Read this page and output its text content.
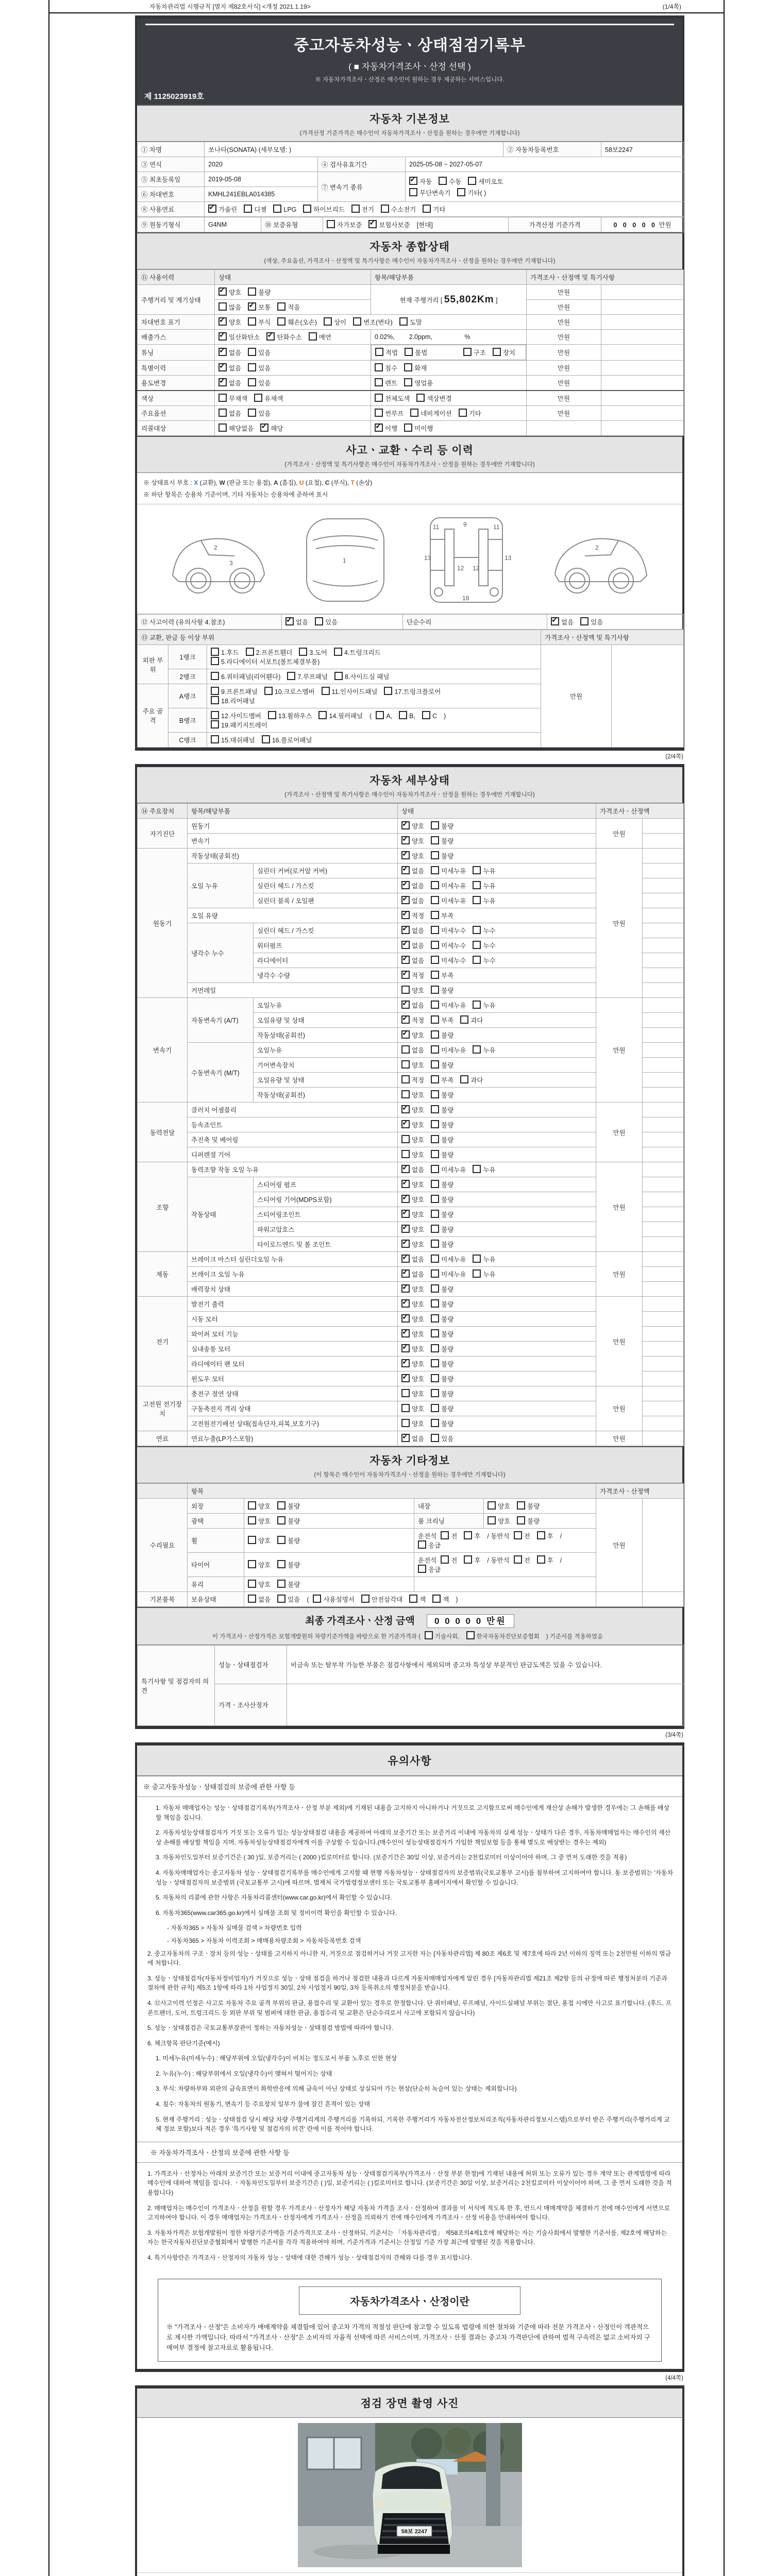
자동차관리법 시행규칙 [별지 제82호서식] <개정 2021.1.19>	(1/4쪽)
중고자동차성능ㆍ상태점검기록부
( ■ 자동차가격조사ㆍ산정 선택 )
※ 자동차가격조사ㆍ산정은 매수인이 원하는 경우 제공하는 서비스입니다.
제 1125023919호
자동차 기본정보
(가격산정 기준가격은 매수인이 자동차가격조사ㆍ산정을 원하는 경우에만 기재합니다)
① 차명	쏘나타(SONATA) (세부모델: )			② 자동차등록번호	58보2247
③ 연식	2020	④ 검사유효기간	2025-05-08 ~ 2027-05-07		
⑤ 최초등록일	2019-05-08	⑦ 변속기 종류	
✓자동 수동 세미오토
무단변속기 기타( )

⑥ 차대번호	KMHL241EBLA014385				
⑧ 사용연료	✓가솔린 디젤 LPG 하이브리드 전기 수소전기 기타
⑨ 원동기형식	G4NM	⑩ 보증유형	자가보증 ✓	보험사보증 [현대]	가격산정 기준가격	0 0 0 0 0 만원
자동차 종합상태
(색상, 주요옵션, 가격조사ㆍ산정액 및 특기사항은 매수인이 자동차가격조사ㆍ산정을 원하는 경우에만 기재합니다)
⑪ 사용이력	상태	항목/해당부품	가격조사ㆍ산정액 및 특기사항	
주행거리 및 계기상태	✓양호 불량	현재 주행거리 [ 55,802Km ]	만원	
	많음 ✓ 보통 적음		만원	
차대번호 표기	✓양호 부식 훼손(오손) 상이 변조(변타) 도말		만원	
배출가스	✓일산화탄소 ✓ 탄화수소 매연	0.02%,        2.0ppm,                  %	만원	
튜닝	✓없음 있음		적법	불법	구조	장치	만원	
특별이력	✓없음 있음	침수 화재	만원	
용도변경	✓없음 있음	렌트 영업용	만원	
색상	무채색 유채색	전체도색 색상변경	만원	
주요옵션	없음 있음	썬루프 네비게이션 기타	만원	
리콜대상	해당없음 ✓ 해당	✓이행 미이행		
사고ㆍ교환ㆍ수리 등 이력
(가격조사ㆍ산정액 및 특기사항은 매수인이 자동차가격조사ㆍ산정을 원하는 경우에만 기재합니다)
※ 상태표시 부호 : X (교환), W (판금 또는 용접), A (흠집), U (요철), C (부식), T (손상)
※ 하단 항목은 승용차 기준이며, 기타 자동차는 승용차에 준하여 표시
2
3	1
11	11
9
13	13
12 12
18
2
⑫ 사고이력 (유의사항 4.참조)	✓없음	있음	단순수리	✓없음	있음
⑬ 교환, 판금 등 이상 부위			가격조사ㆍ산정액 및 특기사항	
외판 부위	1랭크	1.후드 2.프론트휀더 3.도어 4.트렁크리드
5.라디에이터 서포트(볼트체결부품)	만원	
	2랭크	6.쿼터패널(리어휀다) 7.루프패널 8.사이드실 패널		
주요 골격	A랭크	9.프론트패널 10.크로스멤버 11.인사이드패널 17.트렁크플로어
18.리어패널		
	B랭크	12.사이드멤버 13.휠하우스 14.필러패널 ( A, B, C )
19.패키지트레이		
	C랭크	15.대쉬패널 16.플로어패널		
(2/4쪽)
자동차 세부상태
(가격조사ㆍ산정액 및 특기사항은 매수인이 자동차가격조사ㆍ산정을 원하는 경우에만 기재합니다)
⑭ 주요장치	항목/해당부품		상태	가격조사ㆍ산정액	
자기진단	원동기	✓양호 불량	만원	
	변속기	✓양호 불량	
원동기	작동상태(공회전)	✓양호 불량	만원	
	오일 누유	실린더 커버(로커암 커버)	✓없음 미세누유 누유	
		실린더 헤드 / 가스킷	✓없음 미세누유 누유	
		실린더 블록 / 오일팬	✓없음 미세누유 누유	
	오일 유량	✓적정 부족	
	냉각수 누수	실린더 헤드 / 가스킷	✓없음 미세누수 누수	
		워터펌프	✓없음 미세누수 누수	
		라디에이터	✓없음 미세누수 누수	
		냉각수 수량	✓적정 부족	
	커먼레일		양호 불량		
변속기	자동변속기 (A/T)	오일누유	✓없음 미세누유 누유	만원	
		오일유량 및 상태	✓적정 부족 과다	
		작동상태(공회전)	✓양호 불량	
	수동변속기 (M/T)	오일누유	없음 미세누유 누유		
		기어변속장치	양호 불량		
		오일유량 및 상태	적정 부족 과다		
		작동상태(공회전)	양호 불량		
동력전달	클러치 어셈블리	✓양호 불량	만원	
	등속죠인트	✓양호 불량	
	추진축 및 베어링		양호 불량		
	디퍼렌셜 기어		양호 불량		
조향	동력조향 작동 오일 누유	✓없음 미세누유 누유	만원	
	작동상태	스티어링 펌프	✓양호 불량	
		스티어링 기어(MDPS포함)	✓양호 불량	
		스티어링조인트	✓양호 불량	
		파워고압호스	✓양호 불량	
		타이로드엔드 및 볼 조인트	✓양호 불량	
제동	브레이크 마스터 실린더오일 누유	✓없음 미세누유 누유	만원	
	브레이크 오일 누유	✓없음 미세누유 누유	
	배력장치 상태	✓양호 불량	
전기	발전기 출력	✓양호 불량	만원	
	시동 모터	✓양호 불량	
	와이퍼 모터 기능	✓양호 불량	
	실내송풍 모터	✓양호 불량	
	라디에이터 팬 모터	✓양호 불량	
	윈도우 모터	✓양호 불량	
고전원 전기장치	충전구 절연 상태		양호 불량	만원	
	구동축전지 격리 상태		양호 불량		
	고전원전기배선 상태(접속단자,피복,보호기구)		양호 불량		
연료	연료누출(LP가스포함)	✓없음 있음	만원	
자동차 기타정보
(이 항목은 매수인이 자동차가격조사ㆍ산정을 원하는 경우에만 기재합니다)
	항목				가격조사ㆍ산정액	
수리필요	외장	양호 불량	내장	양호 불량	만원	
	광택	양호 불량	룸 크리닝	양호 불량		
	휠	양호 불량	운전석 전 후 / 동반석 전 후 /응급			
	타이어	양호 불량	운전석 전 후 / 동반석 전 후 /응급			
	유리	양호 불량				
기본품목	보유상태	없음 있음 ( 사용설명서 안전삼각대 잭 잭 )				
최종 가격조사ㆍ산정 금액 0 0 0 0 0 만원
이 가격조사ㆍ산정가격은 보험개발원의 차량기준가액을 바탕으로 한 기준가격과 ( 기술사회,	한국자동차진단보증협회 ) 기준서를 적용하였음
특기사항 및 점검자의 의견	성능ㆍ상태점검자	비금속 또는 탈부착 가능한 부품은 점검사항에서 제외되며 중고차 특성상 부분적인 판금도색은 있을 수 있습니다.
	가격ㆍ조사산정자	
(3/4쪽)
유의사항
※ 중고자동차성능ㆍ상태점검의 보증에 관한 사항 등
1. 자동차 매매업자는 성능ㆍ상태점검기록부(가격조사ㆍ산정 부분 제외)에 기재된 내용을 고지하지 아니하거나 거짓으로 고지함으로써 매수인에게 재산상 손해가 발생한 경우에는 그 손해를 배상할 책임을 집니다.
2. 자동차성능상태점검자가 거짓 또는 오류가 있는 성능상태점검 내용을 제공하여 아래의 보증기간 또는 보증거리 이내에 자동차의 실제 성능ㆍ상태가 다른 경우, 자동차매매업자는 매수인의 재산상 손해를 배상할 책임을 지며, 자동차성능상태점검자에게 이를 구상할 수 있습니다.(매수인이 성능상태점검자가 가입한 책임보험 등을 통해 별도로 배상받는 경우는 제외)
3. 자동차인도일부터 보증기간은 ( 30 )일, 보증거리는 ( 2000 )킬로미터로 합니다. (보증기간은 30일 이상, 보증거리는 2천킬로미터 이상이어야 하며, 그 중 먼저 도래한 것을 적용)
4. 자동차매매업자는 중고자동차 성능ㆍ상태점검기록부를 매수인에게 고지할 때 현행 자동차성능ㆍ상태점검자의 보증범위(국토교통부 고시)를 첨부하여 고지하여야 합니다. 동 보증범위는 '자동차성능ㆍ상태점검자의 보증범위 (국토교통부 고시)에 따르며, 법제처 국가법령정보센터 또는 국토교통부 홈페이지에서 확인할 수 있습니다.
5. 자동차의 리콜에 관한 사항은 자동차리콜센터(www.car.go.kr)에서 확인할 수 있습니다.
6. 자동차365(www.car365.go.kr)에서 실매물 조회 및 정비이력 확인을 확인할 수 있습니다.
- 자동차365 > 자동차 실매물 검색 > 차량번호 입력
- 자동차365 > 자동차 이력조회 > 매매용차량조회 > 자동차등록번호 검색
2. 중고자동차의 구조ㆍ장치 등의 성능ㆍ상태를 고지하지 아니한 자, 거짓으로 점검하거나 거짓 고지한 자는 [자동차관리법] 제 80조 제6호 및 제7호에 따라 2년 이하의 징역 또는 2천만원 이하의 벌금에 처합니다.
3. 성능ㆍ상태점검자(자동차정비업자)가 거짓으로 성능ㆍ상태 점검을 하거나 점검한 내용과 다르게 자동차매매업자에게 알린 경우 [자동차관리법 제21조 제2항 등의 규정에 따른 행정처분의 기준과 절차에 관한 규칙] 제5조 1항에 따라 1차 사업정지 30일, 2차 사업정지 90일, 3차 등록취소의 행정처분을 받습니다.
4. ⑫사고이력 인정은 사고로 자동차 주요 골격 부위의 판금, 용접수리 및 교환이 있는 경우로 한정합니다. 단 쿼터패널, 루프패널, 사이드실패널 부위는 절단, 용접 시에만 사고로 표기합니다. (후드, 프론트펜더, 도어, 트렁크리드 등 외판 부위 및 범퍼에 대한 판금, 용접수리 및 교환은 단순수리로서 사고에 포함되지 않습니다)
5. 성능ㆍ상태점검은 국토교통부장관이 정하는 자동차성능ㆍ상태점검 방법에 따라야 합니다.
6. 체크항목 판단기준(예시)
1. 미세누유(미세누수) : 해당부위에 오일(냉각수)이 비치는 정도로서 부품 노후로 인한 현상
2. 누유(누수) : 해당부위에서 오일(냉각수)이 맺혀서 떨어지는 상태
3. 부식: 차량하부와 외판의 금속표면이 화학반응에 의해 금속이 아닌 상태로 상실되어 가는 현상(단순히 녹슬어 있는 상태는 제외합니다)
4. 침수: 자동차의 원동기, 변속기 등 주요장치 일부가 물에 잠긴 흔적이 있는 상태
5. 현재 주행거리 : 성능ㆍ상태점검 당시 해당 차량 주행거리계의 주행거리를 기록하되, 기록한 주행거리가 자동차전산정보처리조직(자동차관리정보시스템)으로부터 받은 주행거리(주행거리계 교체 정보 포함)보다 적은 경우 '특기사항 및 점검자의 의견' 란에 이를 적어야 합니다.
※ 자동차가격조사ㆍ산정의 보증에 관한 사항 등
1. 가격조사ㆍ산정자는 아래의 보증기간 또는 보증거리 이내에 중고자동차 성능ㆍ상태점검기록부(가격조사ㆍ산정 부분 한정)에 기재된 내용에 허위 또는 오류가 있는 경우 계약 또는 관계법령에 따라 매수인에 대하여 책임을 집니다. ㆍ자동차인도일부터 보증기간은 ( )일, 보증거리는 ( )킬로미터로 합니다. (보증기간은 30일 이상, 보증거리는 2천킬로미터 이상이어야 하며, 그 중 먼저 도래한 것을 적용합니다)
2. 매매업자는 매수인이 가격조사ㆍ산정을 원할 경우 가격조사ㆍ산정자가 해당 자동차 가격을 조사ㆍ산정하여 결과를 이 서식에 적도록 한 후, 반드시 매매계약을 체결하기 전에 매수인에게 서면으로 고지하여야 합니다. 이 경우 매매업자는 가격조사ㆍ산정자에게 가격조사ㆍ산정을 의뢰하기 전에 매수인에게 가격조사ㆍ산정 비용을 안내하여야 합니다.
3. 자동차가격은 보험개발원이 정한 차량기준가액을 기준가격으로 조사ㆍ산정하되, 기준서는 「자동차관리법」 제58조의4제1호에 해당하는 자는 기술사회에서 발행한 기준서를, 제2호에 해당하는 자는 한국자동차진단보증협회에서 발행한 기준서를 각각 적용하여야 하며, 기준가격과 기준서는 산정일 기준 가장 최근에 발행된 것을 적용합니다.
4. 특기사항란은 가격조사ㆍ산정자의 자동차 성능ㆍ상태에 대한 견해가 성능ㆍ상태점검자의 견해와 다를 경우 표시합니다.
자동차가격조사ㆍ산정이란
※ "가격조사ㆍ산정"은 소비자가 매매계약을 체결함에 있어 중고차 가격의 적절성 판단에 참고할 수 있도록 법령에 의한 절차와 기준에 따라 전문 가격조사ㆍ산정인이 객관적으로 제시한 가액입니다. 따라서 "가격조사ㆍ산정"은 소비자의 자율적 선택에 따른 서비스이며, 가격조사ㆍ산정 결과는 중고차 가격판단에 관하여 법적 구속력은 없고 소비자의 구매여부 결정에 참고자료로 활용됩니다.
(4/4쪽)
점검 장면 촬영 사진
58보 2247
